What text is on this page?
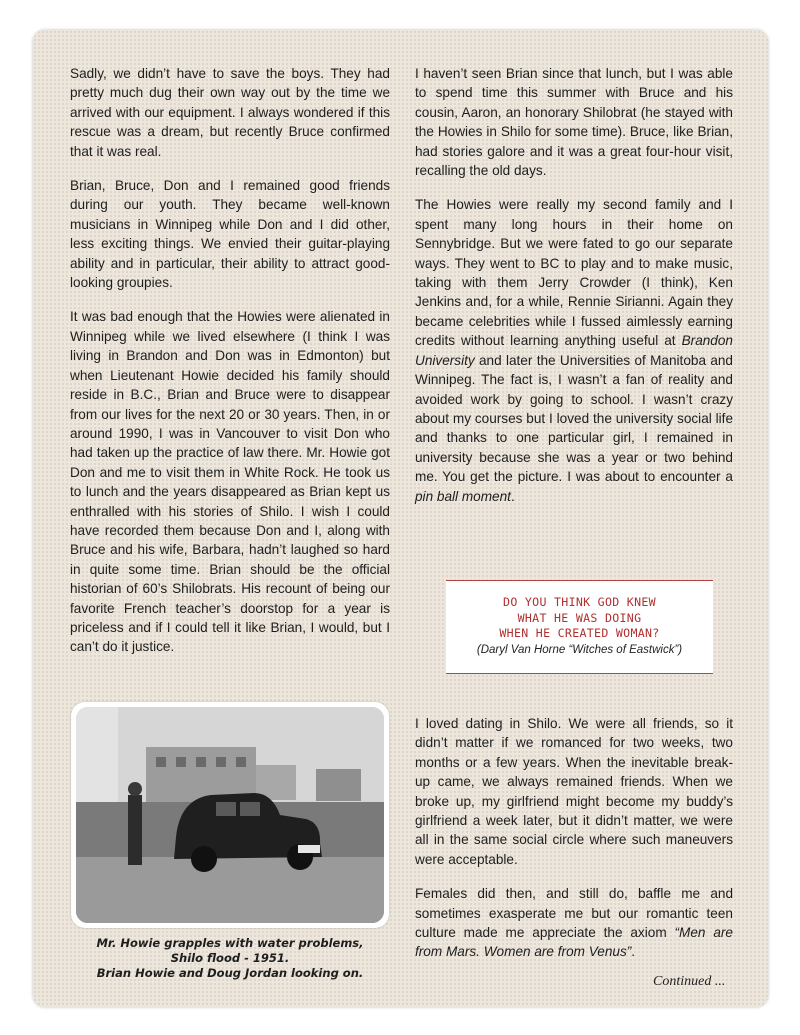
Sadly, we didn’t have to save the boys. They had pretty much dug their own way out by the time we arrived with our equipment. I always wondered if this rescue was a dream, but recently Bruce confirmed that it was real.

Brian, Bruce, Don and I remained good friends during our youth. They became well-known musicians in Winnipeg while Don and I did other, less exciting things. We envied their guitar-playing ability and in particular, their ability to attract good-looking groupies.

It was bad enough that the Howies were alienated in Winnipeg while we lived elsewhere (I think I was living in Brandon and Don was in Edmonton) but when Lieutenant Howie decided his family should reside in B.C., Brian and Bruce were to disappear from our lives for the next 20 or 30 years. Then, in or around 1990, I was in Vancouver to visit Don who had taken up the practice of law there. Mr. Howie got Don and me to visit them in White Rock. He took us to lunch and the years disappeared as Brian kept us enthralled with his stories of Shilo. I wish I could have recorded them because Don and I, along with Bruce and his wife, Barbara, hadn’t laughed so hard in quite some time. Brian should be the official historian of 60’s Shilobrats. His recount of being our favorite French teacher’s doorstop for a year is priceless and if I could tell it like Brian, I would, but I can’t do it justice.

I haven’t seen Brian since that lunch, but I was able to spend time this summer with Bruce and his cousin, Aaron, an honorary Shilobrat (he stayed with the Howies in Shilo for some time). Bruce, like Brian, had stories galore and it was a great four-hour visit, recalling the old days.

The Howies were really my second family and I spent many long hours in their home on Sennybridge. But we were fated to go our separate ways. They went to BC to play and to make music, taking with them Jerry Crowder (I think), Ken Jenkins and, for a while, Rennie Sirianni. Again they became celebrities while I fussed aimlessly earning credits without learning anything useful at Brandon University and later the Universities of Manitoba and Winnipeg. The fact is, I wasn’t a fan of reality and avoided work by going to school. I wasn’t crazy about my courses but I loved the university social life and thanks to one particular girl, I remained in university because she was a year or two behind me. You get the picture. I was about to encounter a pin ball moment.

DO YOU THINK GOD KNEW
WHAT HE WAS DOING
WHEN HE CREATED WOMAN?
(Daryl Van Horne “Witches of Eastwick”)
Mr. Howie grapples with water problems,
Shilo flood - 1951.
Brian Howie and Doug Jordan looking on.

I loved dating in Shilo. We were all friends, so it didn’t matter if we romanced for two weeks, two months or a few years. When the inevitable break-up came, we always remained friends. When we broke up, my girlfriend might become my buddy’s girlfriend a week later, but it didn’t matter, we were all in the same social circle where such maneuvers were acceptable.

Females did then, and still do, baffle me and sometimes exasperate me but our romantic teen culture made me appreciate the axiom “Men are from Mars. Women are from Venus”.

Continued ...
